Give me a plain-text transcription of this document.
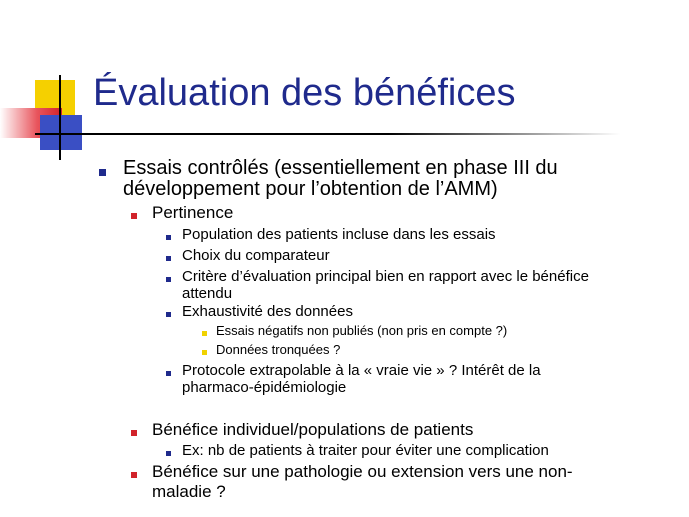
Évaluation des bénéfices
Essais contrôlés (essentiellement en phase III du
développement pour l’obtention de l’AMM)
Pertinence
Population des patients incluse dans les essais
Choix du comparateur
Critère d’évaluation principal bien en rapport avec le bénéfice
attendu
Exhaustivité des données
Essais négatifs non publiés (non pris en compte ?)
Données tronquées ?
Protocole extrapolable à la « vraie vie » ? Intérêt de la
pharmaco-épidémiologie
Bénéfice individuel/populations de patients
Ex: nb de patients à traiter pour éviter une complication
Bénéfice sur une pathologie ou extension vers une non-
maladie ?
